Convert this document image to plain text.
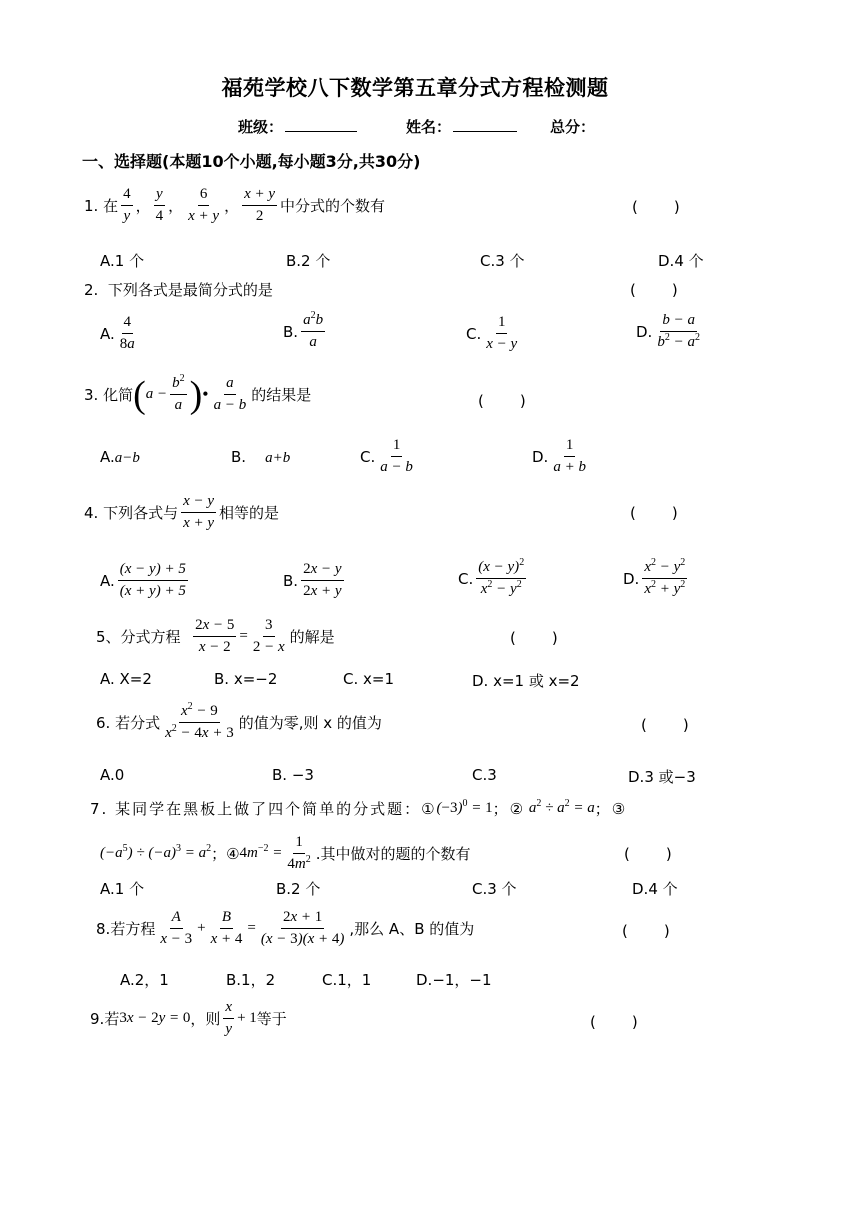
福苑学校八下数学第五章分式方程检测题
班级：	姓名：	总分：
一、选择题(本题10个小题,每小题3分,共30分)
1.
在 $\frac{4}{y}$ ， $\frac{y}{4}$ ， $\frac{6}{x + y}$ ， $\frac{x + y}{2}$ 中分式的个数有	(　　)
A.1 个	B.2 个	C.3 个	D.4 个
2. 下列各式是最简分式的是	(　　)
A. $\frac{4}{8a}$	B. $\frac{a^2b}{a}$	C. $\frac{1}{x - y}$	D. $\frac{b - a}{b^2 - a^2}$
3.
化简 ( $a - \frac{b^2}{a}$ ) • $\frac{a}{a - b}$ 的结果是	(　　)
A.a−b	B. a+b	C. $\frac{1}{a - b}$	D. $\frac{1}{a + b}$
4.
下列各式与 $\frac{x - y}{x + y}$ 相等的是	(　　)
A. $\frac{(x - y) + 5}{(x + y) + 5}$	B. $\frac{2x - y}{2x + y}$	C. $\frac{(x - y)^2}{x^2 - y^2}$	D. $\frac{x^2 - y^2}{x^2 + y^2}$
5、 分式方程
$\frac{2x - 5}{x - 2} = \frac{3}{2 - x}$ 的解是	(　　)
A. X=2	B. x=−2	C. x=1	D. x=1 或 x=2
6.
若分式 $\frac{x^2 - 9}{x^2 - 4x + 3}$ 的值为零,则 x 的值为	(　　)
A.0	B. −3	C.3	D.3 或−3
7.
某同学在黑板上做了四个简单的分式题：① $(-3)^0 = 1$ ；② $a^2 \div a^2 = a$ ；③
$(-a^5) \div (-a)^3 = a^2$ ；④ $4m^{-2} = \frac{1}{4m^2}$ .其中做对的题的个数有	(　　)
A.1 个	B.2 个	C.3 个	D.4 个
8. 若方程 $\frac{A}{x - 3} + \frac{B}{x + 4} = \frac{2x + 1}{(x - 3)(x + 4)}$ ,那么 A、B 的值为	(　　)
A.2，1	B.1，2	C.1，1	D.−1，−1
9. 若 3x − 2y = 0 ，则 $\frac{x}{y} + 1$ 等于	(　　)
